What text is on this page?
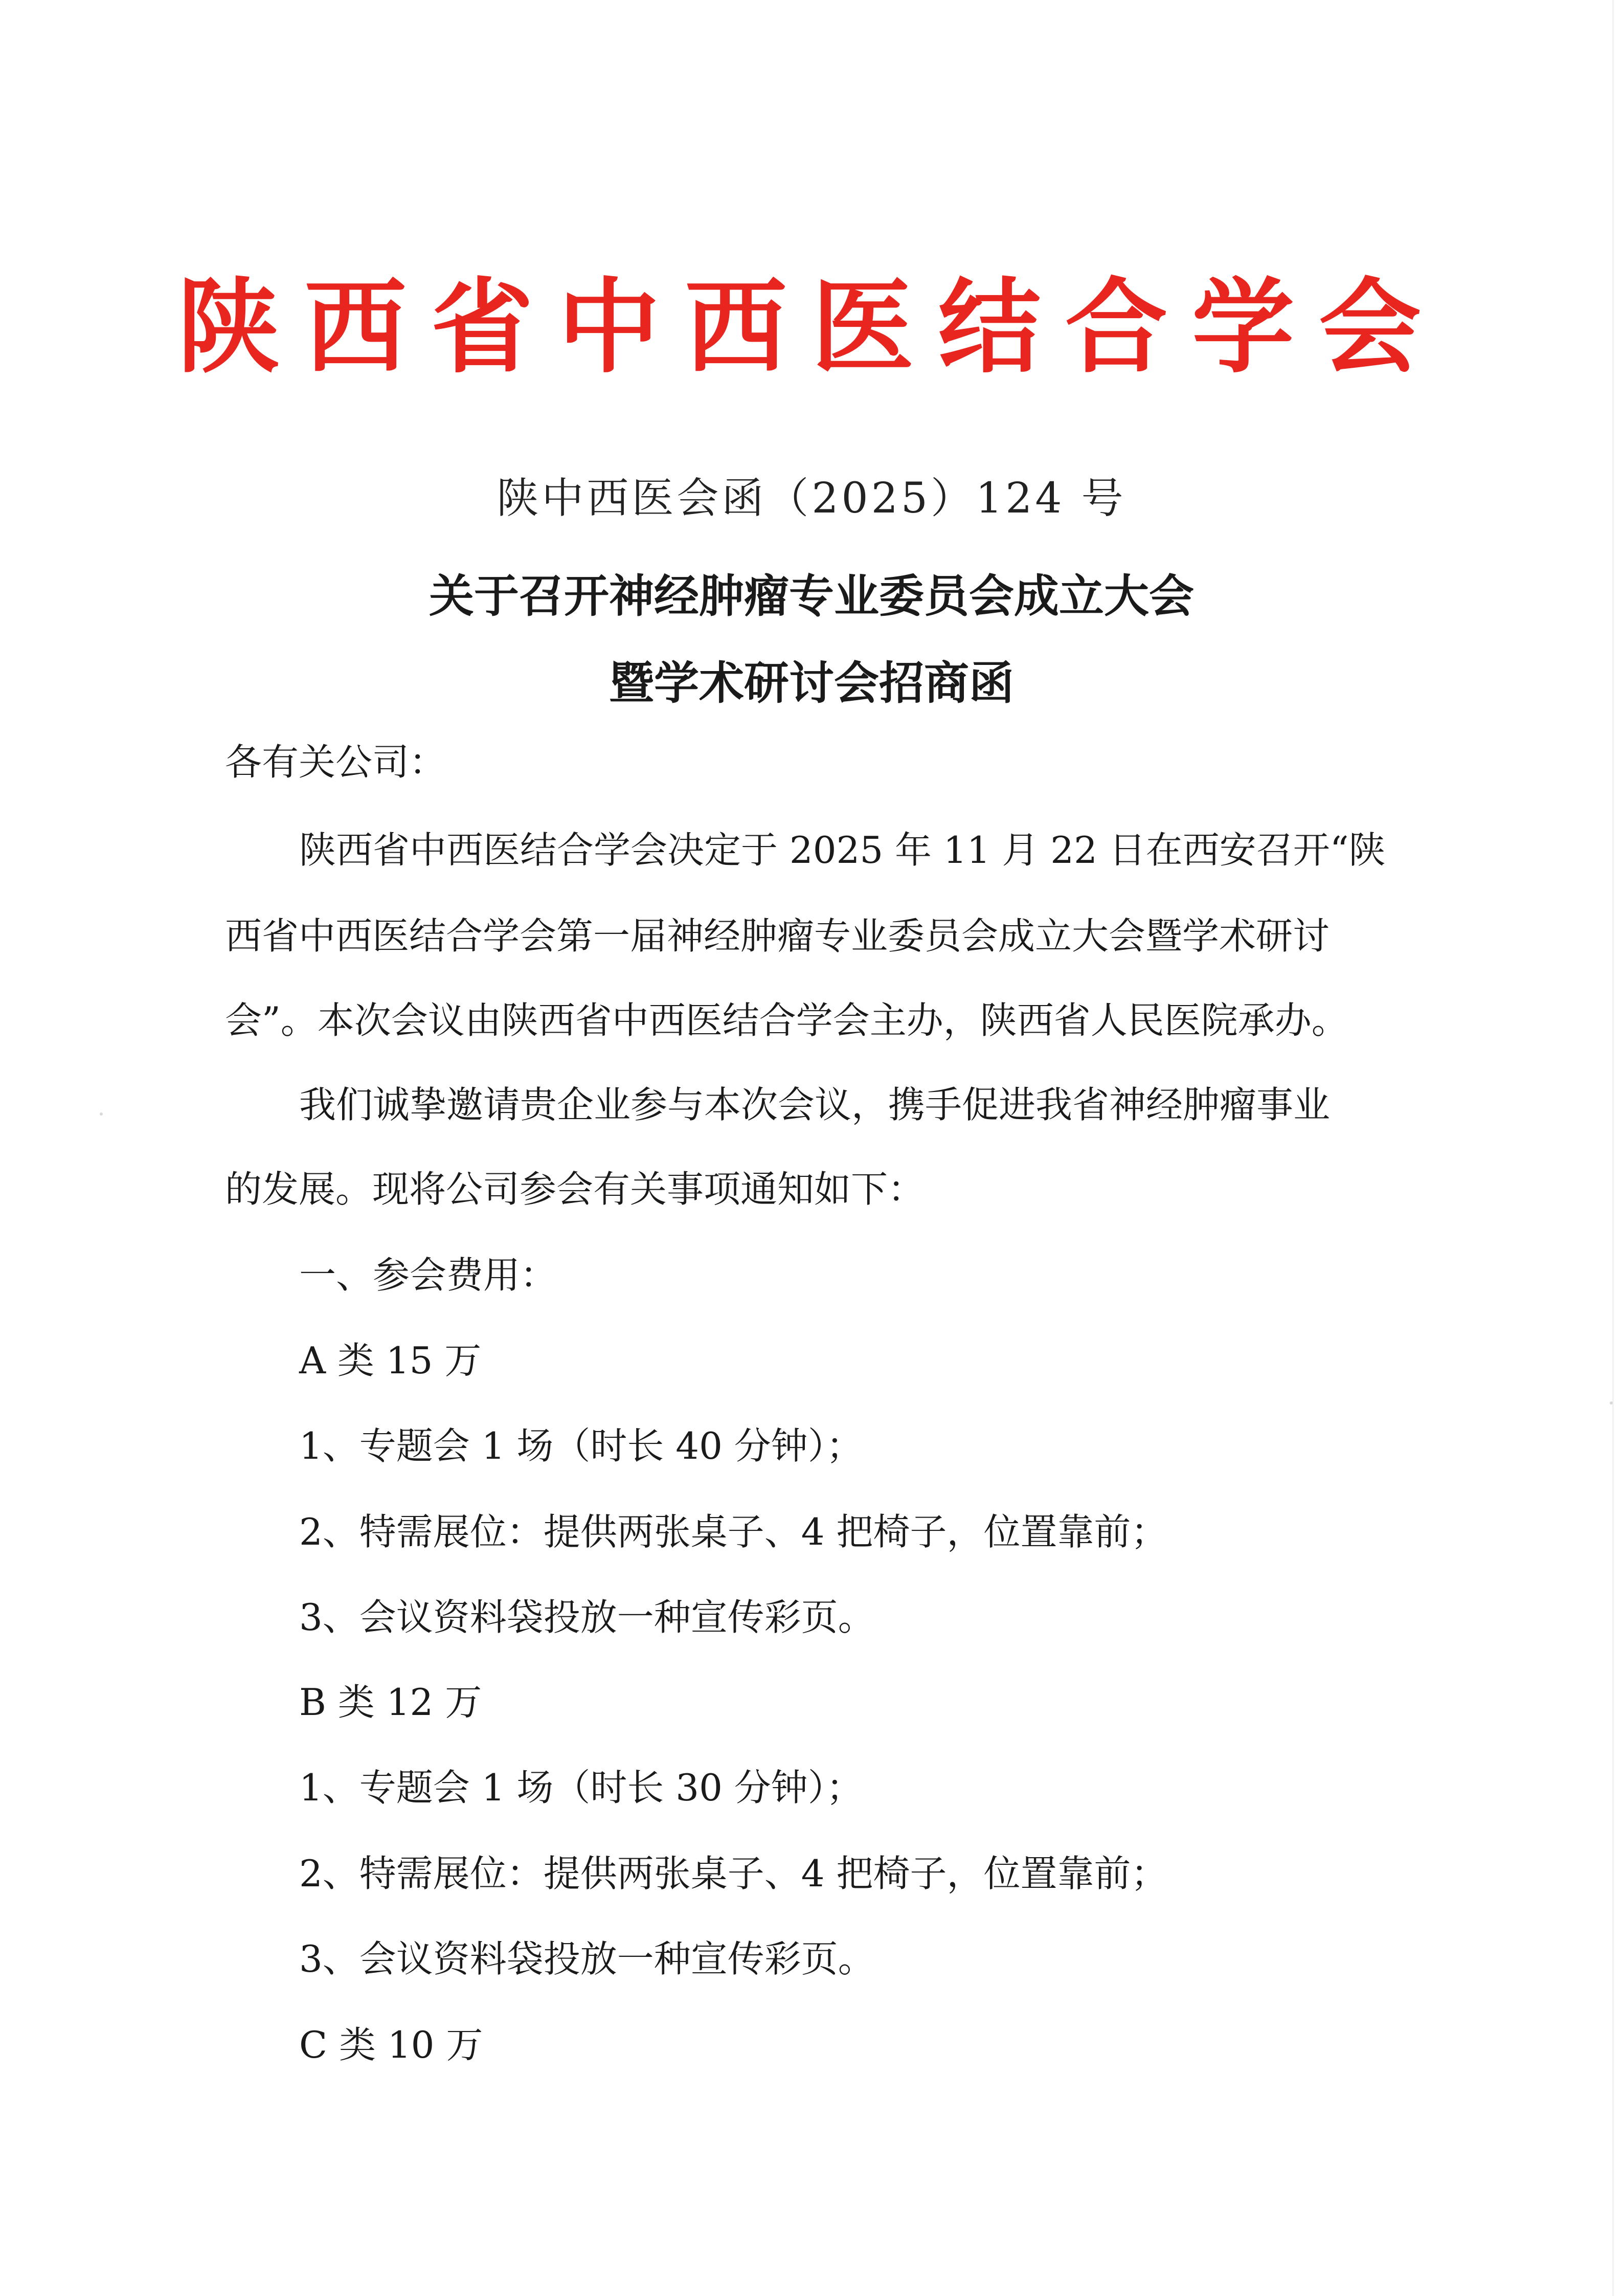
陕西省中西医结合学会
陕中西医会函（2025）124 号
关于召开神经肿瘤专业委员会成立大会
暨学术研讨会招商函
各有关公司：
陕西省中西医结合学会决定于 2025 年 11 月 22 日在西安召开“陕
西省中西医结合学会第一届神经肿瘤专业委员会成立大会暨学术研讨
会”。本次会议由陕西省中西医结合学会主办，陕西省人民医院承办。
我们诚挚邀请贵企业参与本次会议，携手促进我省神经肿瘤事业
的发展。现将公司参会有关事项通知如下：
一、参会费用：
A 类 15 万
1、专题会 1 场（时长 40 分钟）；
2、特需展位：提供两张桌子、4 把椅子，位置靠前；
3、会议资料袋投放一种宣传彩页。
B 类 12 万
1、专题会 1 场（时长 30 分钟）；
2、特需展位：提供两张桌子、4 把椅子，位置靠前；
3、会议资料袋投放一种宣传彩页。
C 类 10 万
